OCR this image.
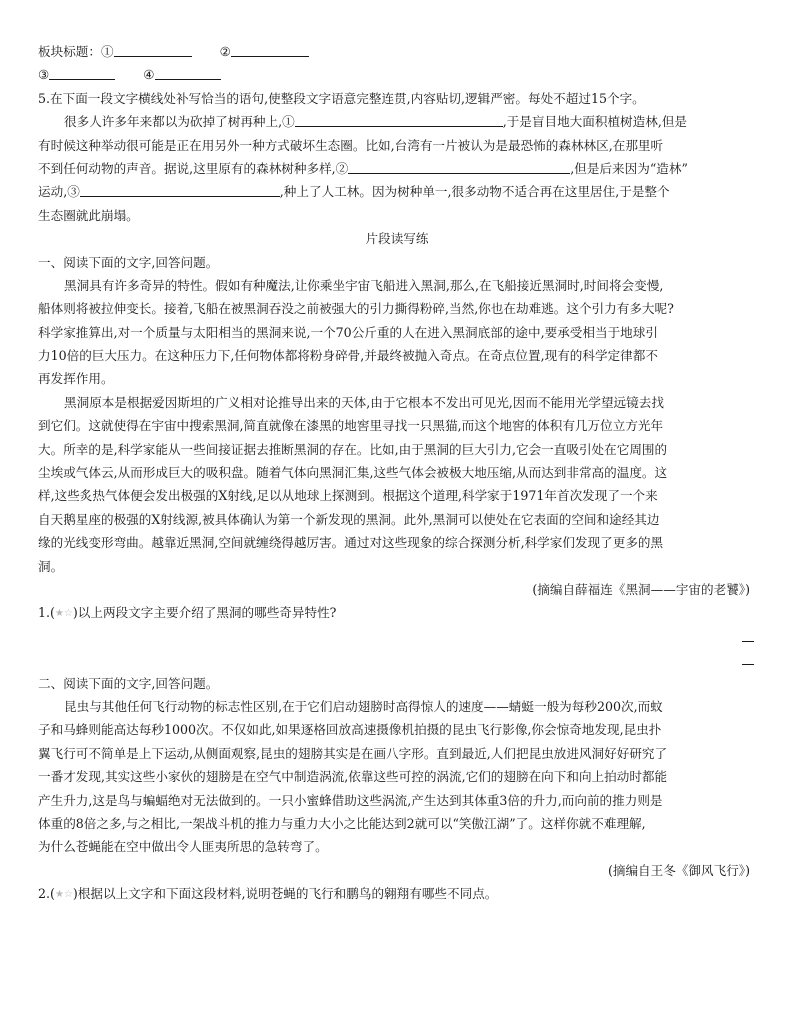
板块标题：①	②
③	④
5.在下面一段文字横线处补写恰当的语句,使整段文字语意完整连贯,内容贴切,逻辑严密。每处不超过15个字。
很多人许多年来都以为砍掉了树再种上,①	,于是盲目地大面积植树造林,但是
有时候这种举动很可能是正在用另外一种方式破坏生态圈。比如,台湾有一片被认为是最恐怖的森林林区,在那里听
不到任何动物的声音。据说,这里原有的森林树种多样,②	,但是后来因为“造林”
运动,③	,种上了人工林。因为树种单一,很多动物不适合再在这里居住,于是整个
生态圈就此崩塌。
片段读写练
一、阅读下面的文字,回答问题。
黑洞具有许多奇异的特性。假如有种魔法,让你乘坐宇宙飞船进入黑洞,那么,在飞船接近黑洞时,时间将会变慢,
船体则将被拉伸变长。接着,飞船在被黑洞吞没之前被强大的引力撕得粉碎,当然,你也在劫难逃。这个引力有多大呢?
科学家推算出,对一个质量与太阳相当的黑洞来说,一个70公斤重的人在进入黑洞底部的途中,要承受相当于地球引
力10倍的巨大压力。在这种压力下,任何物体都将粉身碎骨,并最终被抛入奇点。在奇点位置,现有的科学定律都不
再发挥作用。
黑洞原本是根据爱因斯坦的广义相对论推导出来的天体,由于它根本不发出可见光,因而不能用光学望远镜去找
到它们。这就使得在宇宙中搜索黑洞,简直就像在漆黑的地窖里寻找一只黑猫,而这个地窖的体积有几万位立方光年
大。所幸的是,科学家能从一些间接证据去推断黑洞的存在。比如,由于黑洞的巨大引力,它会一直吸引处在它周围的
尘埃或气体云,从而形成巨大的吸积盘。随着气体向黑洞汇集,这些气体会被极大地压缩,从而达到非常高的温度。这
样,这些炙热气体便会发出极强的X射线,足以从地球上探测到。根据这个道理,科学家于1971年首次发现了一个来
自天鹅星座的极强的X射线源,被具体确认为第一个新发现的黑洞。此外,黑洞可以使处在它表面的空间和途经其边
缘的光线变形弯曲。越靠近黑洞,空间就缠绕得越厉害。通过对这些现象的综合探测分析,科学家们发现了更多的黑
洞。
(摘编自薛福连《黑洞——宇宙的老饕》)
1.(★☆)以上两段文字主要介绍了黑洞的哪些奇异特性?
二、阅读下面的文字,回答问题。
昆虫与其他任何飞行动物的标志性区别,在于它们启动翅膀时高得惊人的速度——蜻蜓一般为每秒200次,而蚊
子和马蜂则能高达每秒1000次。不仅如此,如果逐格回放高速摄像机拍摄的昆虫飞行影像,你会惊奇地发现,昆虫扑
翼飞行可不简单是上下运动,从侧面观察,昆虫的翅膀其实是在画八字形。直到最近,人们把昆虫放进风洞好好研究了
一番才发现,其实这些小家伙的翅膀是在空气中制造涡流,依靠这些可控的涡流,它们的翅膀在向下和向上拍动时都能
产生升力,这是鸟与蝙蝠绝对无法做到的。一只小蜜蜂借助这些涡流,产生达到其体重3倍的升力,而向前的推力则是
体重的8倍之多,与之相比,一架战斗机的推力与重力大小之比能达到2就可以“笑傲江湖”了。这样你就不难理解,
为什么苍蝇能在空中做出令人匪夷所思的急转弯了。
(摘编自王冬《御风飞行》)
2.(★☆)根据以上文字和下面这段材料,说明苍蝇的飞行和鹏鸟的翱翔有哪些不同点。
